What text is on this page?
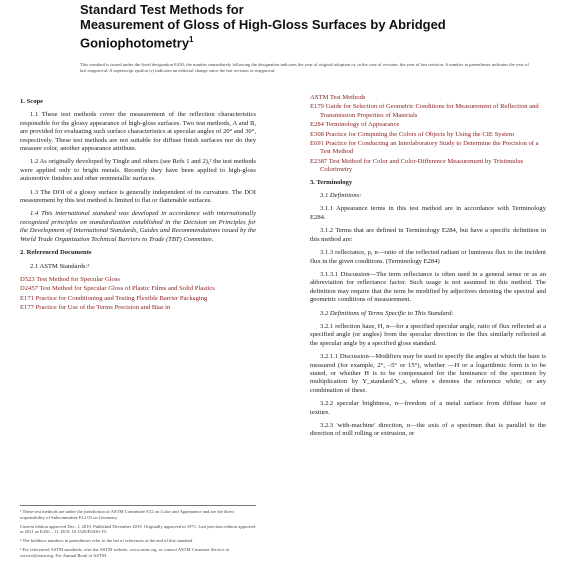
Standard Test Methods for
Measurement of Gloss of High-Gloss Surfaces by Abridged
Goniophotometry$^1$
This standard is issued under the fixed designation E430; the number immediately following the designation indicates the year of original adoption or, in the case of revision, the year of last revision. A number in parentheses indicates the year of last reapproval. A superscript epsilon (ε) indicates an editorial change since the last revision or reapproval.
1. Scope
1.1 These test methods cover the measurement of the reflection characteristics responsible for the glossy appearance of high-gloss surfaces. Two test methods, A and B, are provided for evaluating such surface characteristics at specular angles of 20° and 30°, respectively. These test methods are not suitable for diffuse finish surfaces nor do they measure color, another appearance attribute.
1.2 As originally developed by Tingle and others (see Refs 1 and 2),² the test methods were applied only to bright metals. Recently they have been applied to high-gloss automotive finishes and other nonmetallic surfaces.
1.3 The DOI of a glossy surface is generally independent of its curvature. The DOI measurement by this test method is limited to flat or flattenable surfaces.
1.4 This international standard was developed in accordance with internationally recognized principles on standardization established in the Decision on Principles for the Development of International Standards, Guides and Recommendations issued by the World Trade Organization Technical Barriers to Trade (TBT) Committee.
2. Referenced Documents
2.1 ASTM Standards:³
D523 Test Method for Specular Gloss
D2457 Test Method for Specular Gloss of Plastic Films and Solid Plastics
E171 Practice for Conditioning and Testing Flexible Barrier Packaging
E177 Practice for Use of the Terms Precision and Bias in

¹ These test methods are under the jurisdiction of ASTM Committee E12 on Color and Appearance and are the direct responsibility of Subcommittee E12.03 on Geometry.

Current edition approved Dec. 1, 2019. Published December 2019. Originally approved in 1971. Last previous edition approved in 2011 as E430 – 11. DOI: 10.1520/E0430-19.

² The boldface numbers in parentheses refer to the list of references at the end of this standard.

³ For referenced ASTM standards, visit the ASTM website, www.astm.org, or contact ASTM Customer Service at service@astm.org. For Annual Book of ASTM

ASTM Test Methods
E179 Guide for Selection of Geometric Conditions for Measurement of Reflection and Transmission Properties of Materials
E284 Terminology of Appearance
E308 Practice for Computing the Colors of Objects by Using the CIE System
E691 Practice for Conducting an Interlaboratory Study to Determine the Precision of a Test Method
E2387 Test Method for Color and Color-Difference Measurement by Tristimulus Colorimetry
3. Terminology
3.1 Definitions:
3.1.1 Appearance terms in this test method are in accordance with Terminology E284.
3.1.2 Terms that are defined in Terminology E284, but have a specific definition in this method are:
3.1.3 reflectance, ρ, n—ratio of the reflected radiant or luminous flux to the incident flux in the given conditions. (Terminology E284)
3.1.3.1 Discussion—The term reflectance is often used in a general sense or as an abbreviation for reflectance factor. Such usage is not assumed in this method. The definition may require that the term be modified by adjectives denoting the spectral and geometric conditions of measurement.
3.2 Definitions of Terms Specific to This Standard:
3.2.1 reflection haze, H, n—for a specified specular angle, ratio of flux reflected at a specified angle (or angles) from the specular direction to the flux similarly reflected at the specular angle by a specified gloss standard.
3.2.1.1 Discussion—Modifiers may be used to specify the angles at which the haze is measured (for example, 2°, –5° or 15°), whether —H or a logarithmic form is to be stated, or whether H is to be compensated for the luminance of the specimen by multiplication by Y_standard/Y_s, where s denotes the reference white; or any combination of these.
3.2.2 specular brightness, n—freedom of a metal surface from diffuse haze or texture.
3.2.3 'with-machine' direction, n—the axis of a specimen that is parallel to the direction of mill rolling or extrusion, or
